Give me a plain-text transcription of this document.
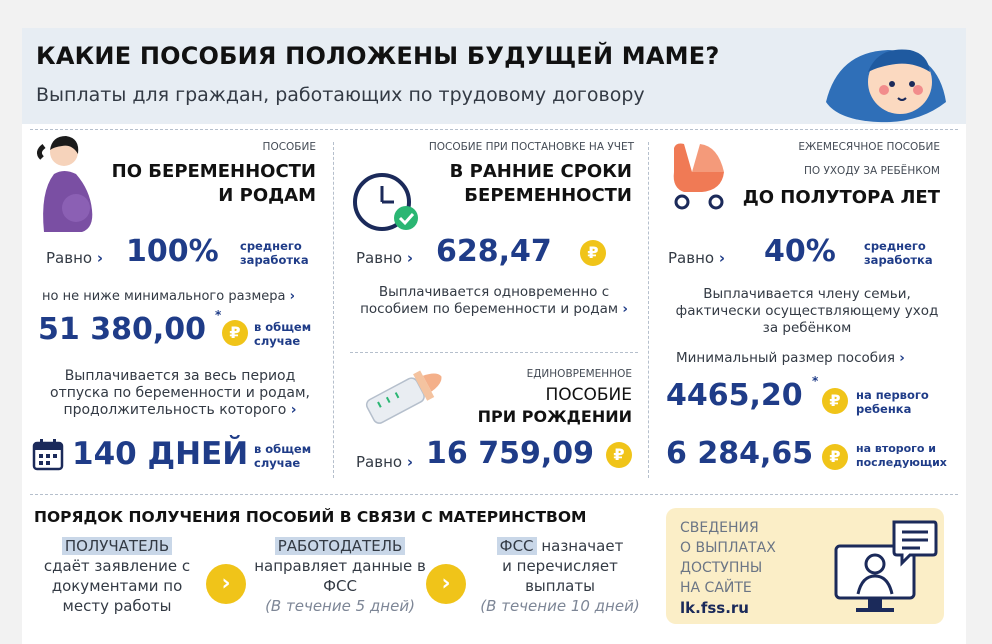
КАКИЕ ПОСОБИЯ ПОЛОЖЕНЫ БУДУЩЕЙ МАМЕ?
Выплаты для граждан, работающих по трудовому договору
ПОСОБИЕ
ПО БЕРЕМЕННОСТИ
И РОДАМ
Равно › 100% среднего заработка
но не ниже минимального размера ›
51 380,00 *
₽	в общем случае
Выплачивается за весь период отпуска по беременности и родам, продолжительность которого ›
140 ДНЕЙ в общем случае
ПОСОБИЕ ПРИ ПОСТАНОВКЕ НА УЧЕТ
В РАННИЕ СРОКИ
БЕРЕМЕННОСТИ
Равно › 628,47	₽
Выплачивается одновременно с пособием по беременности и родам ›
ЕДИНОВРЕМЕННОЕ
ПОСОБИЕ
ПРИ РОЖДЕНИИ
Равно › 16 759,09	₽
ЕЖЕМЕСЯЧНОЕ ПОСОБИЕ
ПО УХОДУ ЗА РЕБЁНКОМ
ДО ПОЛУТОРА ЛЕТ
Равно › 40% среднего заработка
Выплачивается члену семьи, фактически осуществляющему уход за ребёнком
Минимальный размер пособия ›
4465,20 *
₽	на первого ребенка
6 284,65	₽	на второго и последующих
ПОРЯДОК ПОЛУЧЕНИЯ ПОСОБИЙ В СВЯЗИ С МАТЕРИНСТВОМ
ПОЛУЧАТЕЛЬ
сдаёт заявление с документами по месту работы
›
РАБОТОДАТЕЛЬ
направляет данные в ФСС
(В течение 5 дней)
›
ФСС назначает
и перечисляет выплаты
(В течение 10 дней)
СВЕДЕНИЯ
О ВЫПЛАТАХ
ДОСТУПНЫ
НА САЙТЕ
lk.fss.ru
